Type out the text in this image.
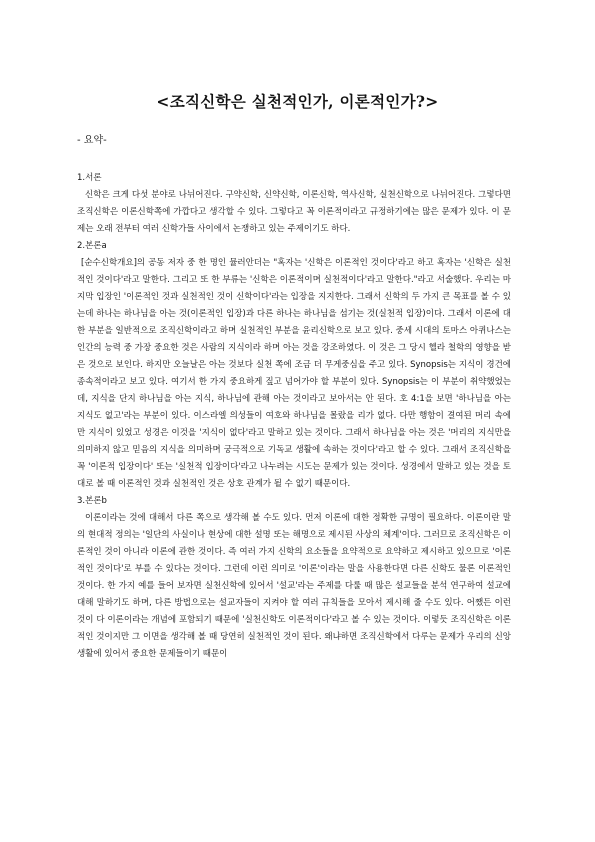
<조직신학은 실천적인가, 이론적인가?>
- 요약-
1.서론

신학은 크게 다섯 분야로 나뉘어진다. 구약신학, 신약신학, 이론신학, 역사신학, 실천신학으로 나뉘어진다. 그렇다면 조직신학은 이론신학쪽에 가깝다고 생각할 수 있다. 그렇다고 꼭 이론적이라고 규정하기에는 많은 문제가 있다. 이 문제는 오래 전부터 여러 신학가들 사이에서 논쟁하고 있는 주제이기도 하다.

2.본론a

[순수신학개요]의 공동 저자 중 한 명인 뮬러안더는 "혹자는 '신학은 이론적인 것이다'라고 하고 혹자는 '신학은 실천적인 것이다'라고 말한다. 그리고 또 한 부류는 '신학은 이론적이며 실천적이다'라고 말한다."라고 서술했다. 우리는 마지막 입장인 '이론적인 것과 실천적인 것이 신학이다'라는 입장을 지지한다. 그래서 신학의 두 가지 큰 목표를 볼 수 있는데 하나는 하나님을 아는 것(이론적인 입장)과 다른 하나는 하나님을 섬기는 것(실천적 입장)이다. 그래서 이론에 대한 부분을 일반적으로 조직신학이라고 하며 실천적인 부분을 윤리신학으로 보고 있다. 중세 시대의 토마스 아퀴나스는 인간의 능력 중 가장 중요한 것은 사람의 지식이라 하며 아는 것을 강조하였다. 이 것은 그 당시 헬라 철학의 영향을 받은 것으로 보인다. 하지만 오늘날은 아는 것보다 실천 쪽에 조금 더 무게중심을 주고 있다. Synopsis는 지식이 경건에 종속적이라고 보고 있다. 여기서 한 가지 중요하게 짚고 넘어가야 할 부분이 있다. Synopsis는 이 부분이 취약했었는데, 지식을 단지 하나님을 아는 지식, 하나님에 관해 아는 것이라고 보아서는 안 된다. 호 4:1을 보면 '하나님을 아는 지식도 없고'라는 부분이 있다. 이스라엘 의성들이 여호와 하나님을 몰랐을 리가 없다. 다만 행함이 결여된 머리 속에만 지식이 있었고 성경은 이것을 '지식이 없다'라고 말하고 있는 것이다. 그래서 하나님을 아는 것은 '머리의 지식만을 의미하지 않고 믿음의 지식을 의미하며 궁극적으로 기독교 생활에 속하는 것이다'라고 할 수 있다. 그래서 조직신학을 꼭 '이론적 입장이다' 또는 '실천적 입장이다'라고 나누려는 시도는 문제가 있는 것이다. 성경에서 말하고 있는 것을 토대로 볼 때 이론적인 것과 실천적인 것은 상호 관계가 될 수 없기 때문이다.

3.본론b

이론이라는 것에 대해서 다른 쪽으로 생각해 볼 수도 있다. 먼저 이론에 대한 정확한 규명이 필요하다. 이론이란 말의 현대적 정의는 '일단의 사실이나 현상에 대한 설명 또는 해명으로 제시된 사상의 체계'이다. 그러므로 조직신학은 이론적인 것이 아니라 이론에 관한 것이다. 즉 여러 가지 신학의 요소들을 요약적으로 요약하고 제시하고 있으므로 '이론적인 것이다'로 부를 수 있다는 것이다. 그런데 이런 의미로 '이론'이라는 말을 사용한다면 다른 신학도 물론 이론적인 것이다. 한 가지 예를 들어 보자면 실천신학에 있어서 '설교'라는 주제를 다룰 때 많은 설교들을 분석 연구하여 설교에 대해 말하기도 하며, 다른 방법으로는 설교자들이 지켜야 할 여러 규칙들을 모아서 제시해 줄 수도 있다. 어쨌든 이런 것이 다 이론이라는 개념에 포함되기 때문에 '실천신학도 이론적이다'라고 볼 수 있는 것이다. 이렇듯 조직신학은 이론적인 것이지만 그 이면을 생각해 볼 때 당연히 실천적인 것이 된다. 왜냐하면 조직신학에서 다루는 문제가 우리의 신앙생활에 있어서 중요한 문제들이기 때문이
